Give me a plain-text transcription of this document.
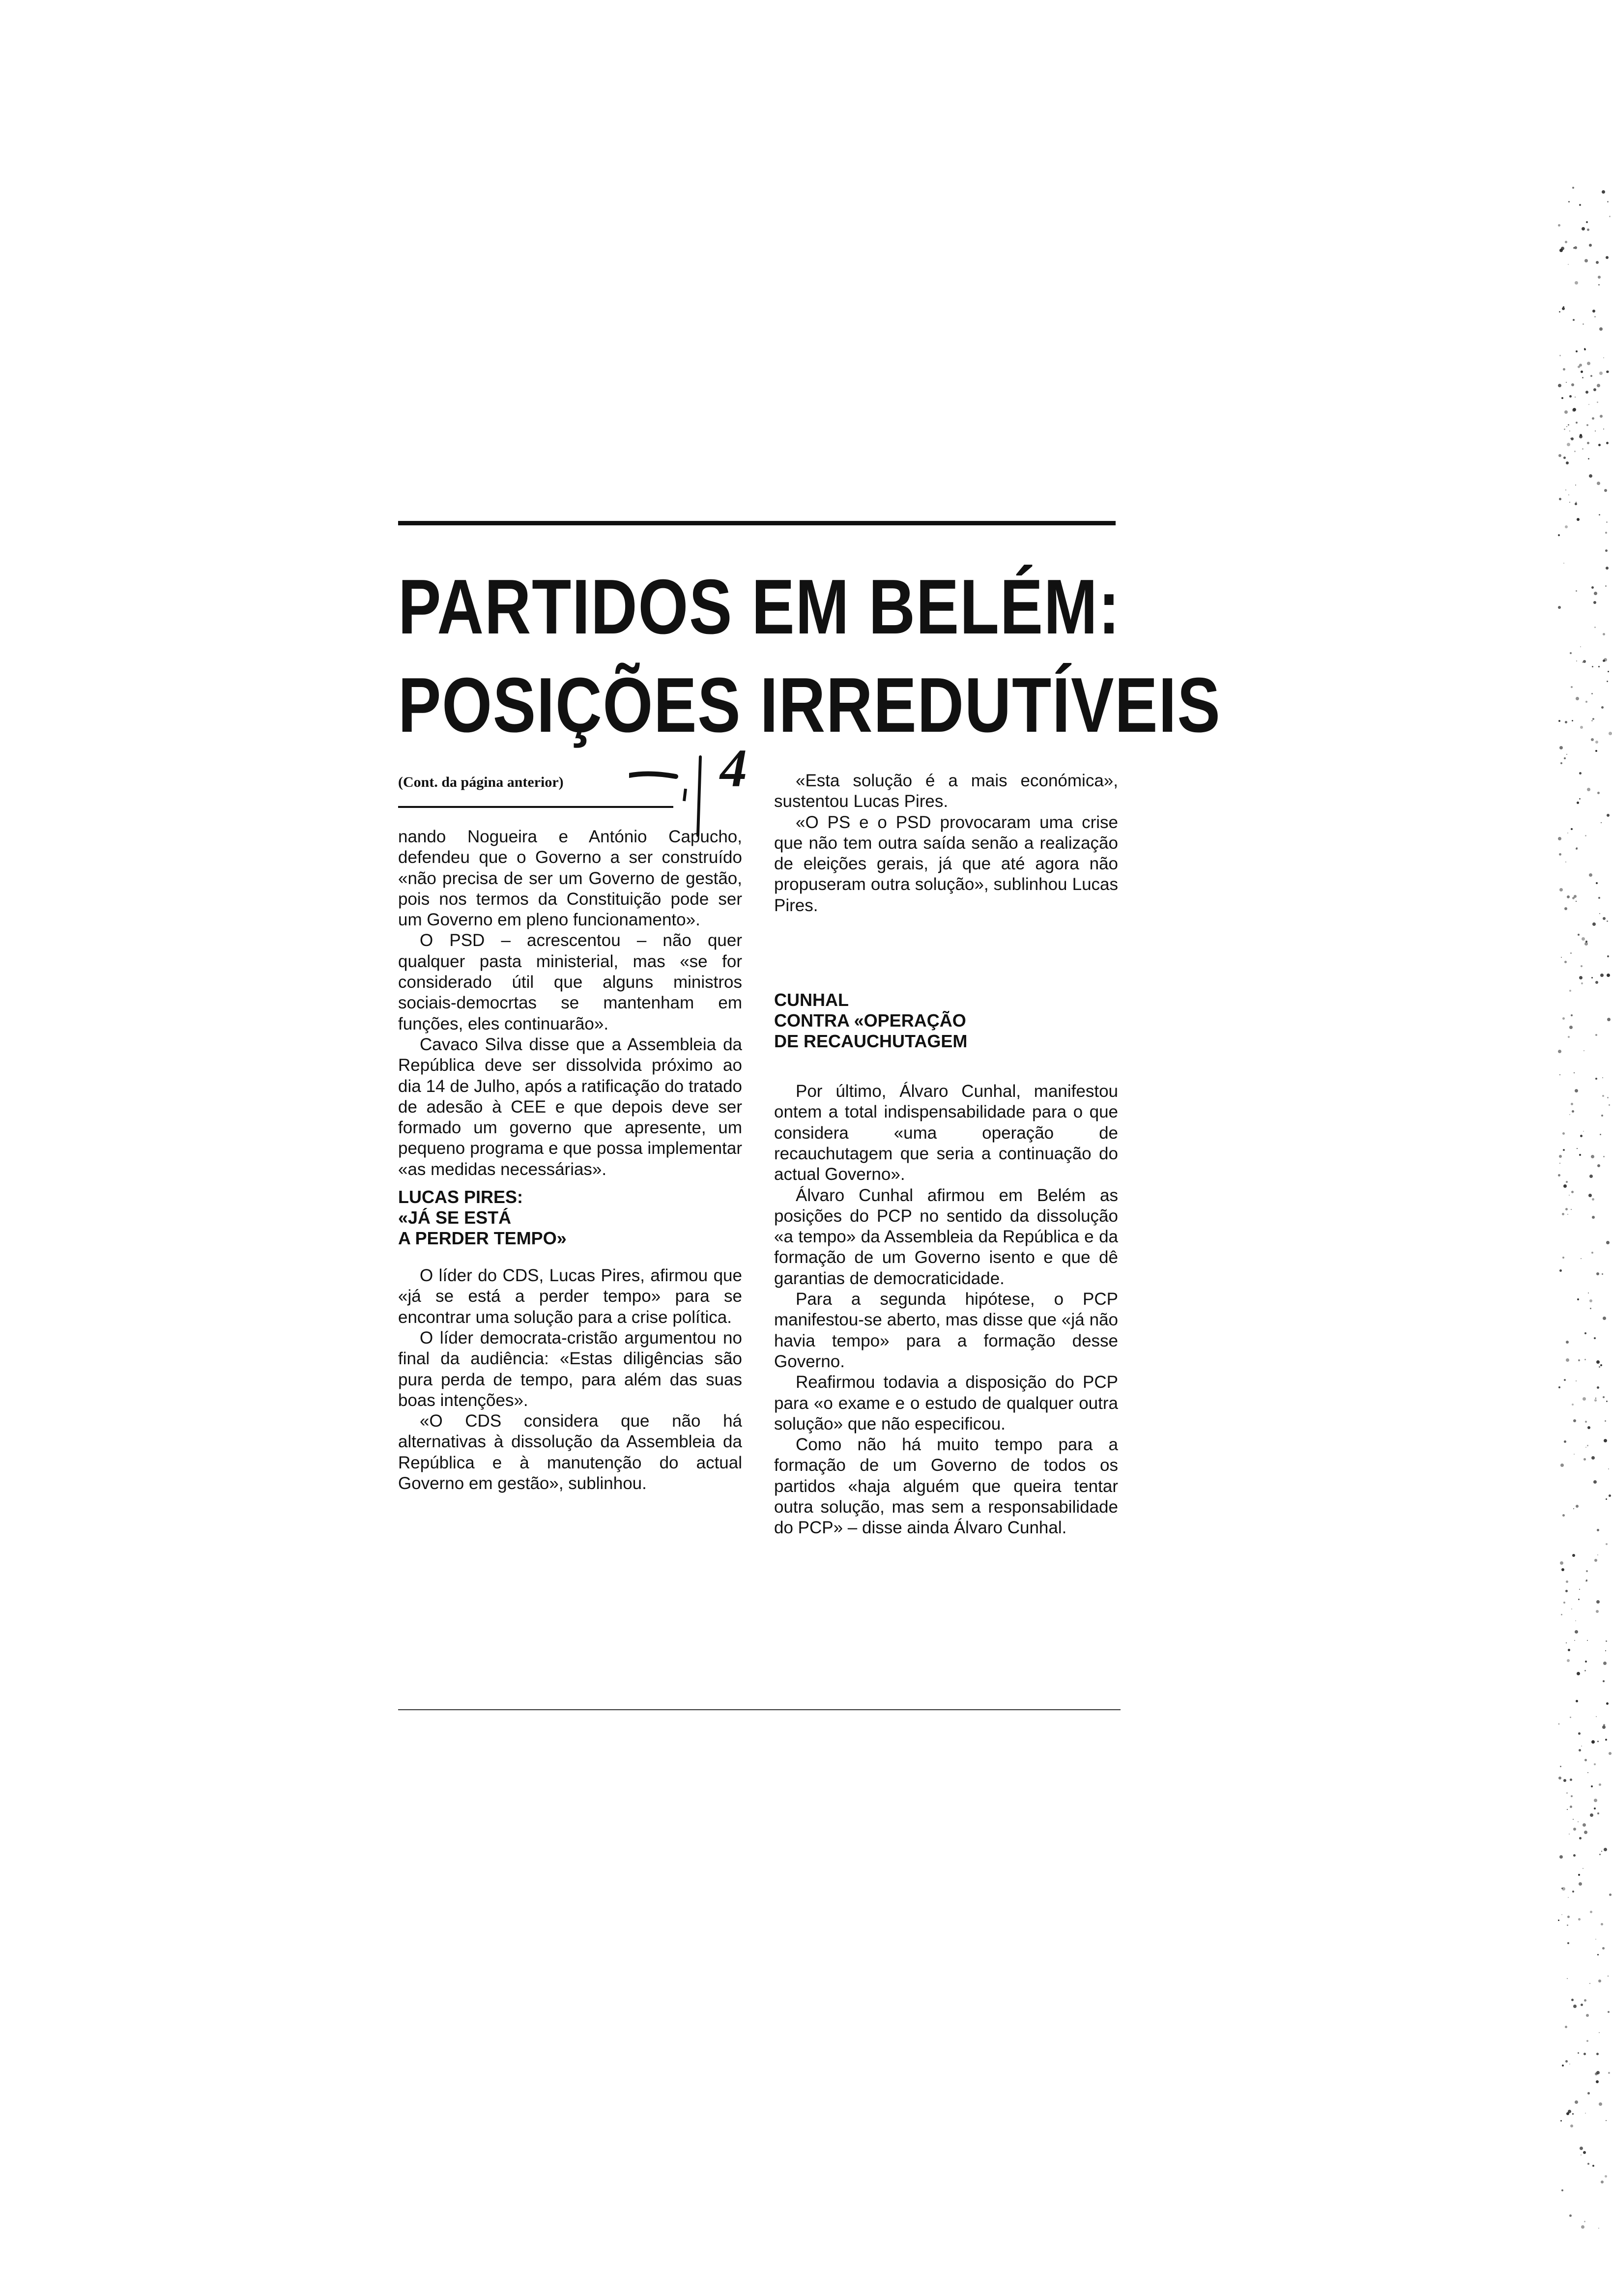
PARTIDOS EM BELÉM:
POSIÇÕES IRREDUTÍVEIS
(Cont. da página anterior)	4

nando Nogueira e António Capucho, defendeu que o Governo a ser construído «não precisa de ser um Governo de gestão, pois nos termos da Constituição pode ser um Governo em pleno funcionamento».

O PSD – acrescentou – não quer qualquer pasta ministerial, mas «se for considerado útil que alguns ministros sociais-democrtas se mantenham em funções, eles continuarão».

Cavaco Silva disse que a Assembleia da República deve ser dissolvida próximo ao dia 14 de Julho, após a ratificação do tratado de adesão à CEE e que depois deve ser formado um governo que apresente, um pequeno programa e que possa implementar «as medidas necessárias».

LUCAS PIRES:
«JÁ SE ESTÁ
A PERDER TEMPO»

O líder do CDS, Lucas Pires, afirmou que «já se está a perder tempo» para se encontrar uma solução para a crise política.

O líder democrata-cristão argumentou no final da audiência: «Estas diligências são pura perda de tempo, para além das suas boas intenções».

«O CDS considera que não há alternativas à dissolução da Assembleia da República e à manutenção do actual Governo em gestão», sublinhou.

«Esta solução é a mais económica», sustentou Lucas Pires.

«O PS e o PSD provocaram uma crise que não tem outra saída senão a realização de eleições gerais, já que até agora não propuseram outra solução», sublinhou Lucas Pires.

CUNHAL
CONTRA «OPERAÇÃO
DE RECAUCHUTAGEM

Por último, Álvaro Cunhal, manifestou ontem a total indispensabilidade para o que considera «uma operação de recauchutagem que seria a continuação do actual Governo».

Álvaro Cunhal afirmou em Belém as posições do PCP no sentido da dissolução «a tempo» da Assembleia da República e da formação de um Governo isento e que dê garantias de democraticidade.

Para a segunda hipótese, o PCP manifestou-se aberto, mas disse que «já não havia tempo» para a formação desse Governo.

Reafirmou todavia a disposição do PCP para «o exame e o estudo de qualquer outra solução» que não especificou.

Como não há muito tempo para a formação de um Governo de todos os partidos «haja alguém que queira tentar outra solução, mas sem a responsabilidade do PCP» – disse ainda Álvaro Cunhal.
